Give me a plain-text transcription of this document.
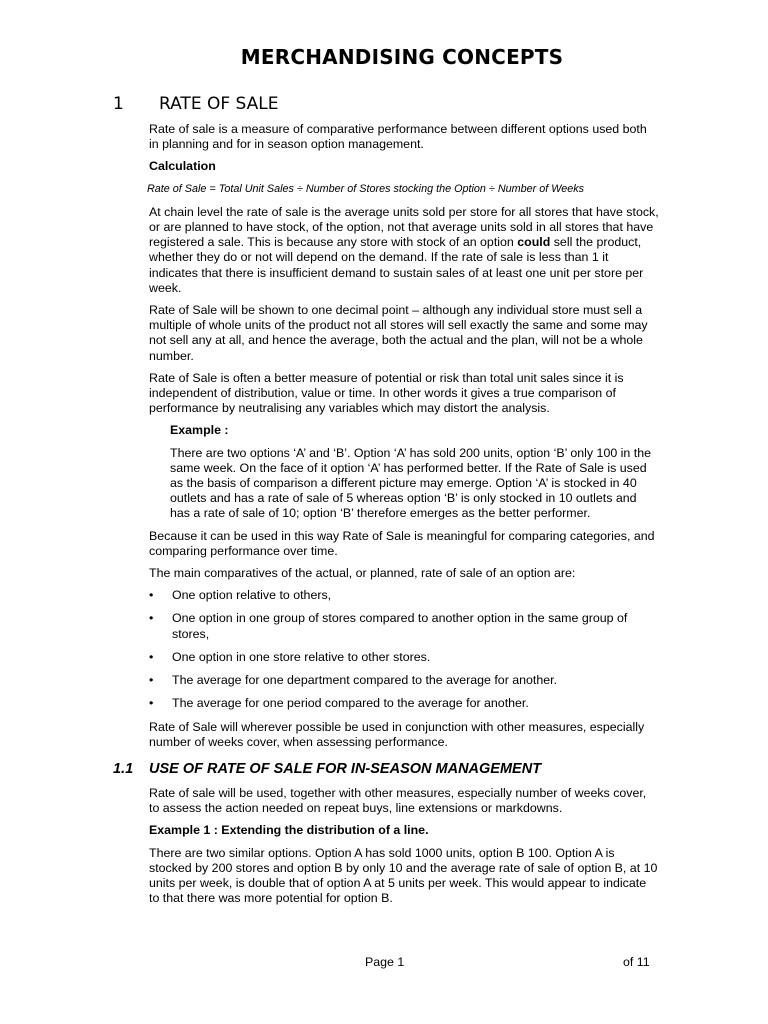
MERCHANDISING CONCEPTS
1 RATE OF SALE

Rate of sale is a measure of comparative performance between different options used both in planning and for in season option management.

Calculation

Rate of Sale = Total Unit Sales ÷ Number of Stores stocking the Option ÷ Number of Weeks

At chain level the rate of sale is the average units sold per store for all stores that have stock, or are planned to have stock, of the option, not that average units sold in all stores that have registered a sale. This is because any store with stock of an option could sell the product, whether they do or not will depend on the demand. If the rate of sale is less than 1 it indicates that there is insufficient demand to sustain sales of at least one unit per store per week.

Rate of Sale will be shown to one decimal point – although any individual store must sell a multiple of whole units of the product not all stores will sell exactly the same and some may not sell any at all, and hence the average, both the actual and the plan, will not be a whole number.

Rate of Sale is often a better measure of potential or risk than total unit sales since it is independent of distribution, value or time. In other words it gives a true comparison of performance by neutralising any variables which may distort the analysis.

Example :

There are two options ‘A’ and ‘B’. Option ‘A’ has sold 200 units, option ‘B’ only 100 in the same week. On the face of it option ‘A’ has performed better. If the Rate of Sale is used as the basis of comparison a different picture may emerge. Option ‘A’ is stocked in 40 outlets and has a rate of sale of 5 whereas option ‘B’ is only stocked in 10 outlets and has a rate of sale of 10; option ‘B’ therefore emerges as the better performer.

Because it can be used in this way Rate of Sale is meaningful for comparing categories, and comparing performance over time.

The main comparatives of the actual, or planned, rate of sale of an option are:

• One option relative to others,
• One option in one group of stores compared to another option in the same group of stores,
• One option in one store relative to other stores.
• The average for one department compared to the average for another.
• The average for one period compared to the average for another.

Rate of Sale will wherever possible be used in conjunction with other measures, especially number of weeks cover, when assessing performance.

1.1 USE OF RATE OF SALE FOR IN-SEASON MANAGEMENT

Rate of sale will be used, together with other measures, especially number of weeks cover, to assess the action needed on repeat buys, line extensions or markdowns.

Example 1 : Extending the distribution of a line.

There are two similar options. Option A has sold 1000 units, option B 100. Option A is stocked by 200 stores and option B by only 10 and the average rate of sale of option B, at 10 units per week, is double that of option A at 5 units per week. This would appear to indicate to that there was more potential for option B.

Page 1	of 11
